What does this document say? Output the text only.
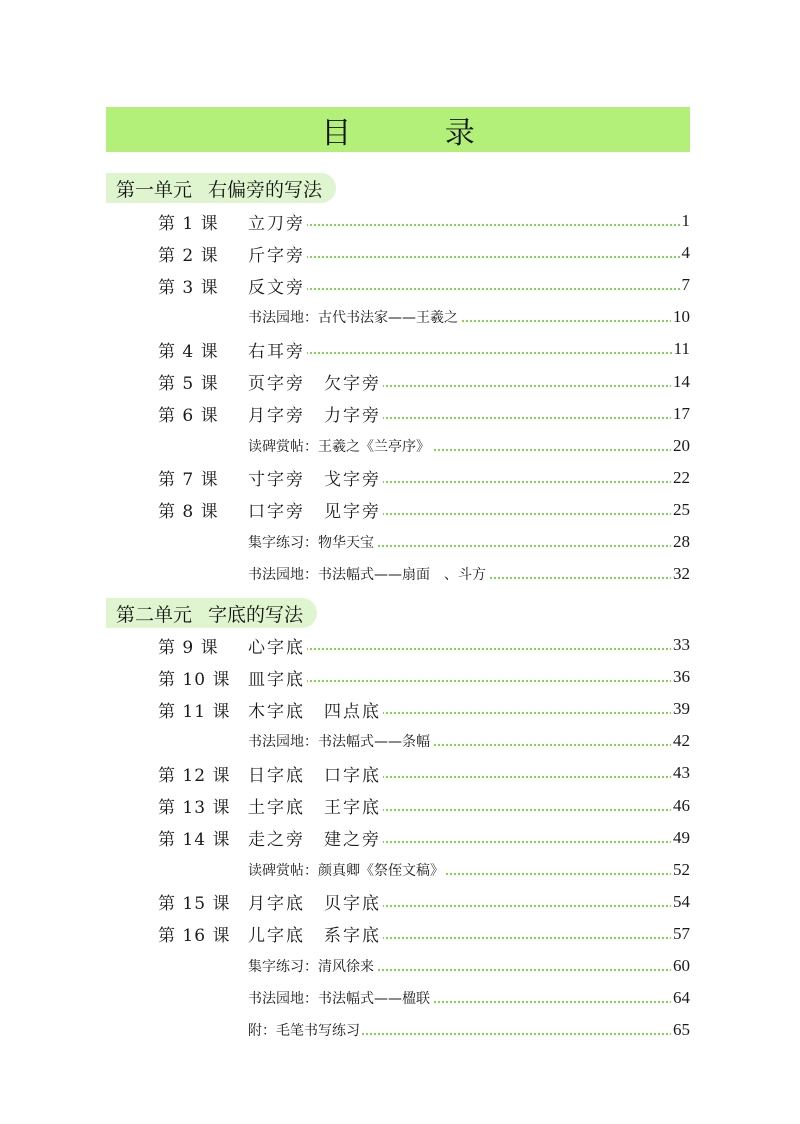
目 录
第一单元 右偏旁的写法
第 1 课 立刀旁	1
第 2 课 斤字旁	4
第 3 课 反文旁	7
书法园地：古代书法家——王羲之	10
第 4 课 右耳旁	11
第 5 课 页字旁　欠字旁	14
第 6 课 月字旁　力字旁	17
读碑赏帖：王羲之《兰亭序》	20
第 7 课 寸字旁　戈字旁	22
第 8 课 口字旁　见字旁	25
集字练习：物华天宝	28
书法园地：书法幅式——扇面　、斗方	32
第二单元 字底的写法
第 9 课 心字底	33
第 10 课 皿字底	36
第 11 课 木字底　四点底	39
书法园地：书法幅式——条幅	42
第 12 课 日字底　口字底	43
第 13 课 土字底　王字底	46
第 14 课 走之旁　建之旁	49
读碑赏帖：颜真卿《祭侄文稿》	52
第 15 课 月字底　贝字底	54
第 16 课 儿字底　系字底	57
集字练习：清风徐来	60
书法园地：书法幅式——楹联	64
附：毛笔书写练习	65
